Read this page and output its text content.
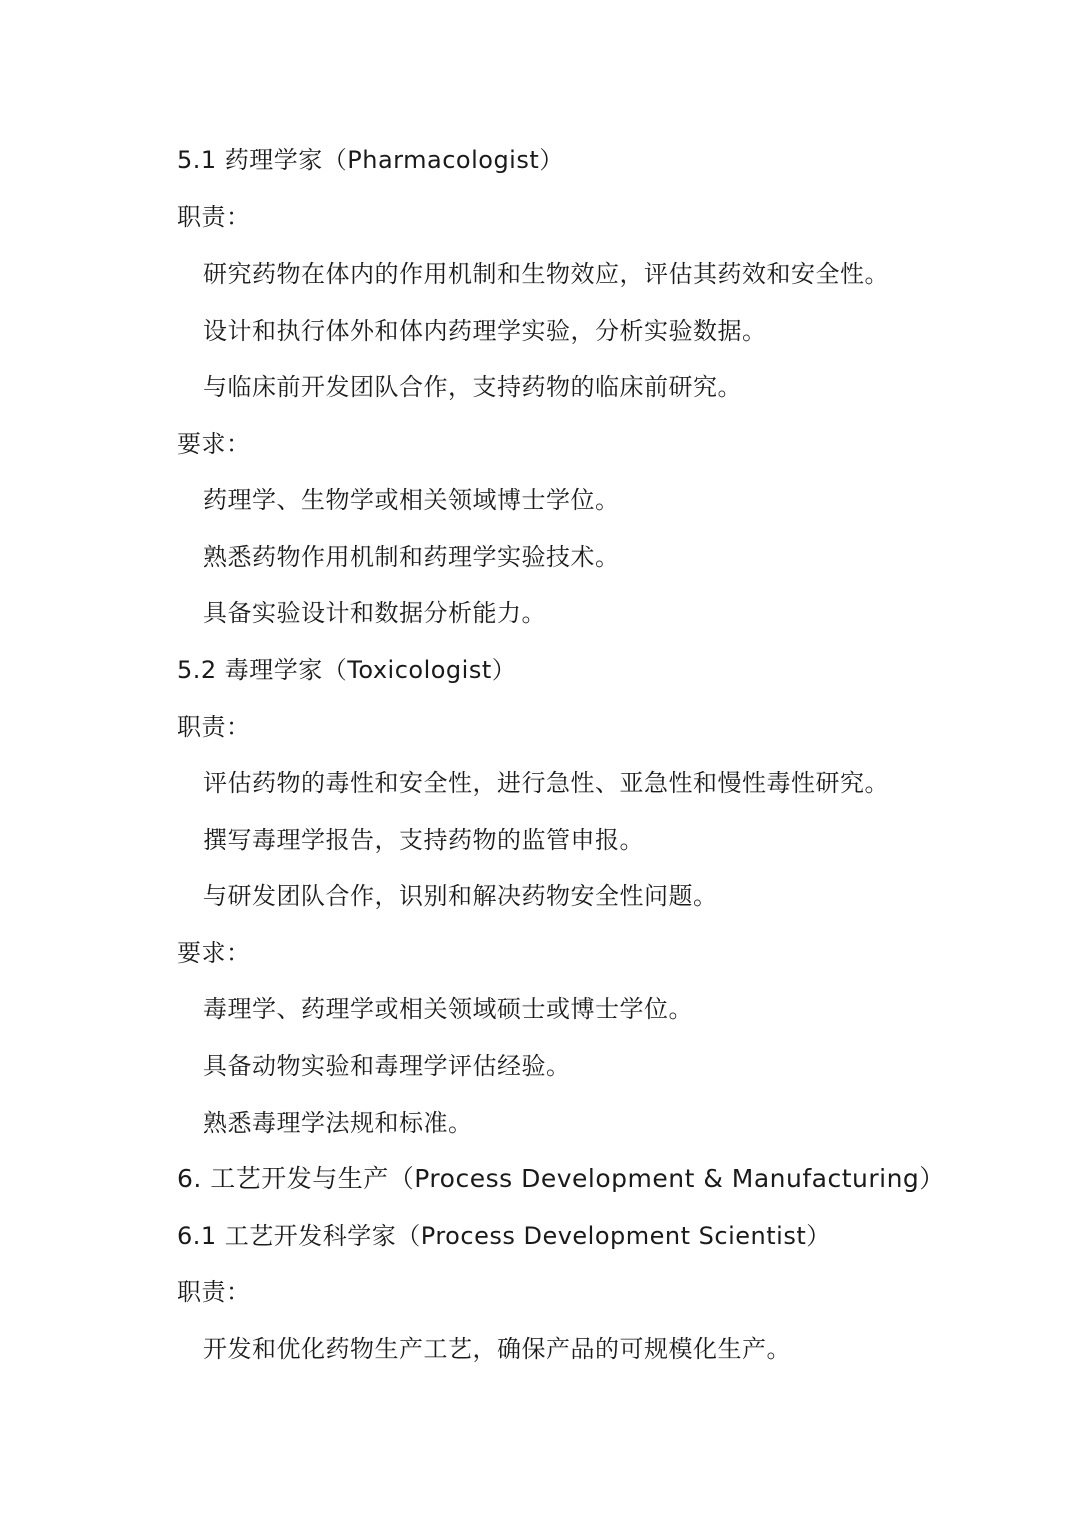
5.1 药理学家（Pharmacologist）
职责：
研究药物在体内的作用机制和生物效应，评估其药效和安全性。
设计和执行体外和体内药理学实验，分析实验数据。
与临床前开发团队合作，支持药物的临床前研究。
要求：
药理学、生物学或相关领域博士学位。
熟悉药物作用机制和药理学实验技术。
具备实验设计和数据分析能力。
5.2 毒理学家（Toxicologist）
职责：
评估药物的毒性和安全性，进行急性、亚急性和慢性毒性研究。
撰写毒理学报告，支持药物的监管申报。
与研发团队合作，识别和解决药物安全性问题。
要求：
毒理学、药理学或相关领域硕士或博士学位。
具备动物实验和毒理学评估经验。
熟悉毒理学法规和标准。
6. 工艺开发与生产（Process Development & Manufacturing）
6.1 工艺开发科学家（Process Development Scientist）
职责：
开发和优化药物生产工艺，确保产品的可规模化生产。
